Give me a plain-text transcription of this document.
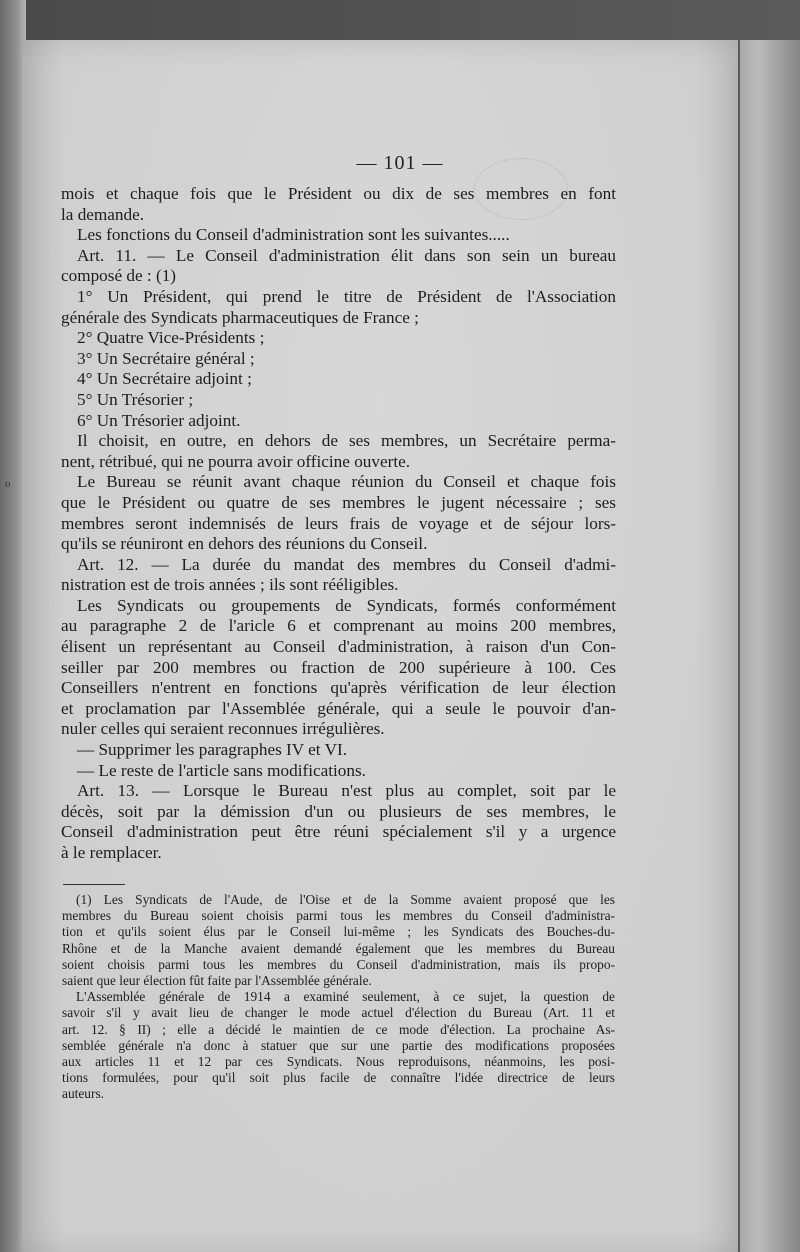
o
— 101 —
mois et chaque fois que le Président ou dix de ses membres en font
la demande.
Les fonctions du Conseil d'administration sont les suivantes.....
Art. 11. — Le Conseil d'administration élit dans son sein un bureau
composé de : (1)
1° Un Président, qui prend le titre de Président de l'Association
générale des Syndicats pharmaceutiques de France ;
2° Quatre Vice-Présidents ;
3° Un Secrétaire général ;
4° Un Secrétaire adjoint ;
5° Un Trésorier ;
6° Un Trésorier adjoint.
Il choisit, en outre, en dehors de ses membres, un Secrétaire perma-
nent, rétribué, qui ne pourra avoir officine ouverte.
Le Bureau se réunit avant chaque réunion du Conseil et chaque fois
que le Président ou quatre de ses membres le jugent nécessaire ; ses
membres seront indemnisés de leurs frais de voyage et de séjour lors-
qu'ils se réuniront en dehors des réunions du Conseil.
Art. 12. — La durée du mandat des membres du Conseil d'admi-
nistration est de trois années ; ils sont rééligibles.
Les Syndicats ou groupements de Syndicats, formés conformément
au paragraphe 2 de l'aricle 6 et comprenant au moins 200 membres,
élisent un représentant au Conseil d'administration, à raison d'un Con-
seiller par 200 membres ou fraction de 200 supérieure à 100. Ces
Conseillers n'entrent en fonctions qu'après vérification de leur élection
et proclamation par l'Assemblée générale, qui a seule le pouvoir d'an-
nuler celles qui seraient reconnues irrégulières.
— Supprimer les paragraphes IV et VI.
— Le reste de l'article sans modifications.
Art. 13. — Lorsque le Bureau n'est plus au complet, soit par le
décès, soit par la démission d'un ou plusieurs de ses membres, le
Conseil d'administration peut être réuni spécialement s'il y a urgence
à le remplacer.
(1) Les Syndicats de l'Aude, de l'Oise et de la Somme avaient proposé que les
membres du Bureau soient choisis parmi tous les membres du Conseil d'administra-
tion et qu'ils soient élus par le Conseil lui-même ; les Syndicats des Bouches-du-
Rhône et de la Manche avaient demandé également que les membres du Bureau
soient choisis parmi tous les membres du Conseil d'administration, mais ils propo-
saient que leur élection fût faite par l'Assemblée générale.
L'Assemblée générale de 1914 a examiné seulement, à ce sujet, la question de
savoir s'il y avait lieu de changer le mode actuel d'élection du Bureau (Art. 11 et
art. 12. § II) ; elle a décidé le maintien de ce mode d'élection. La prochaine As-
semblée générale n'a donc à statuer que sur une partie des modifications proposées
aux articles 11 et 12 par ces Syndicats. Nous reproduisons, néanmoins, les posi-
tions formulées, pour qu'il soit plus facile de connaître l'idée directrice de leurs
auteurs.
